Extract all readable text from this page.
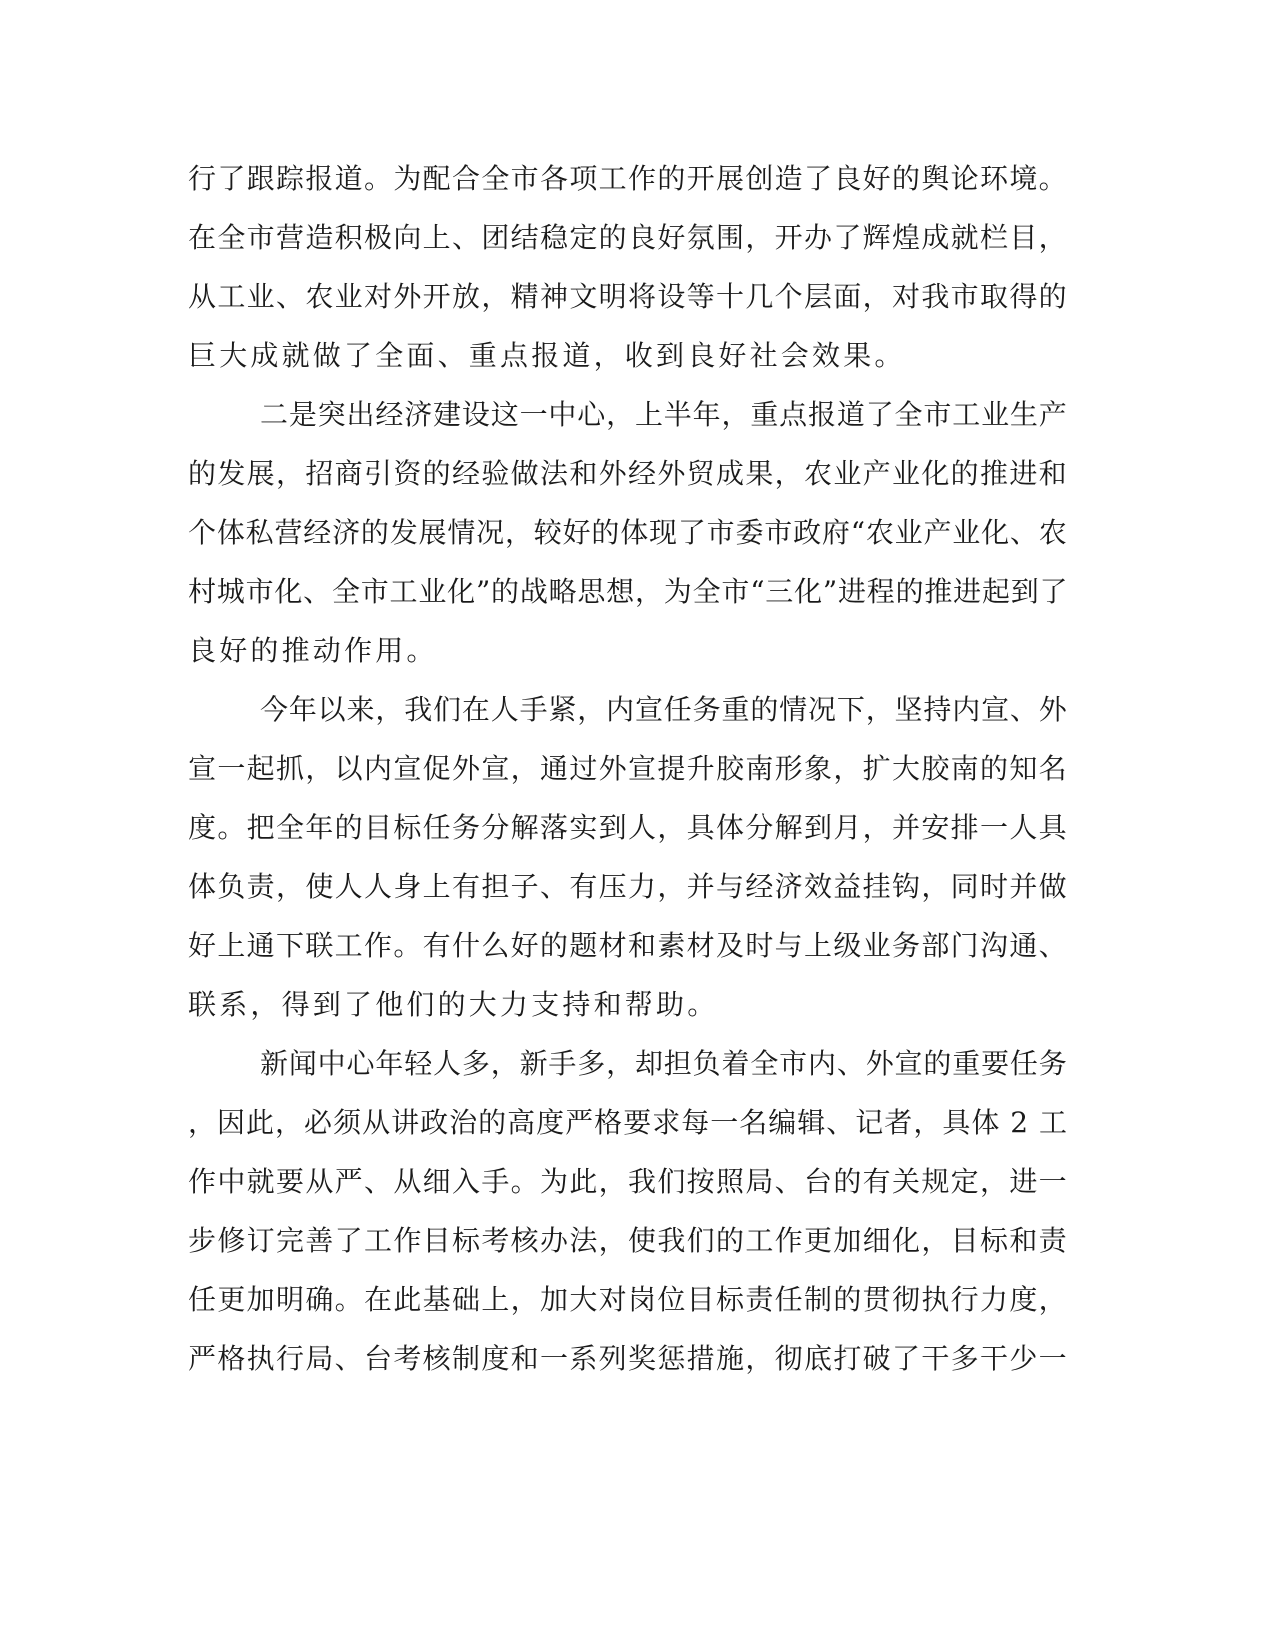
行了跟踪报道。为配合全市各项工作的开展创造了良好的舆论环境。
在全市营造积极向上、团结稳定的良好氛围，开办了辉煌成就栏目，
从工业、农业对外开放，精神文明将设等十几个层面，对我市取得的
巨大成就做了全面、重点报道，收到良好社会效果。
二是突出经济建设这一中心，上半年，重点报道了全市工业生产
的发展，招商引资的经验做法和外经外贸成果，农业产业化的推进和
个体私营经济的发展情况，较好的体现了市委市政府“农业产业化、农
村城市化、全市工业化”的战略思想，为全市“三化”进程的推进起到了
良好的推动作用。
今年以来，我们在人手紧，内宣任务重的情况下，坚持内宣、外
宣一起抓，以内宣促外宣，通过外宣提升胶南形象，扩大胶南的知名
度。把全年的目标任务分解落实到人，具体分解到月，并安排一人具
体负责，使人人身上有担子、有压力，并与经济效益挂钩，同时并做
好上通下联工作。有什么好的题材和素材及时与上级业务部门沟通、
联系，得到了他们的大力支持和帮助。
新闻中心年轻人多，新手多，却担负着全市内、外宣的重要任务
，因此，必须从讲政治的高度严格要求每一名编辑、记者，具体 2 工
作中就要从严、从细入手。为此，我们按照局、台的有关规定，进一
步修订完善了工作目标考核办法，使我们的工作更加细化，目标和责
任更加明确。在此基础上，加大对岗位目标责任制的贯彻执行力度，
严格执行局、台考核制度和一系列奖惩措施，彻底打破了干多干少一
